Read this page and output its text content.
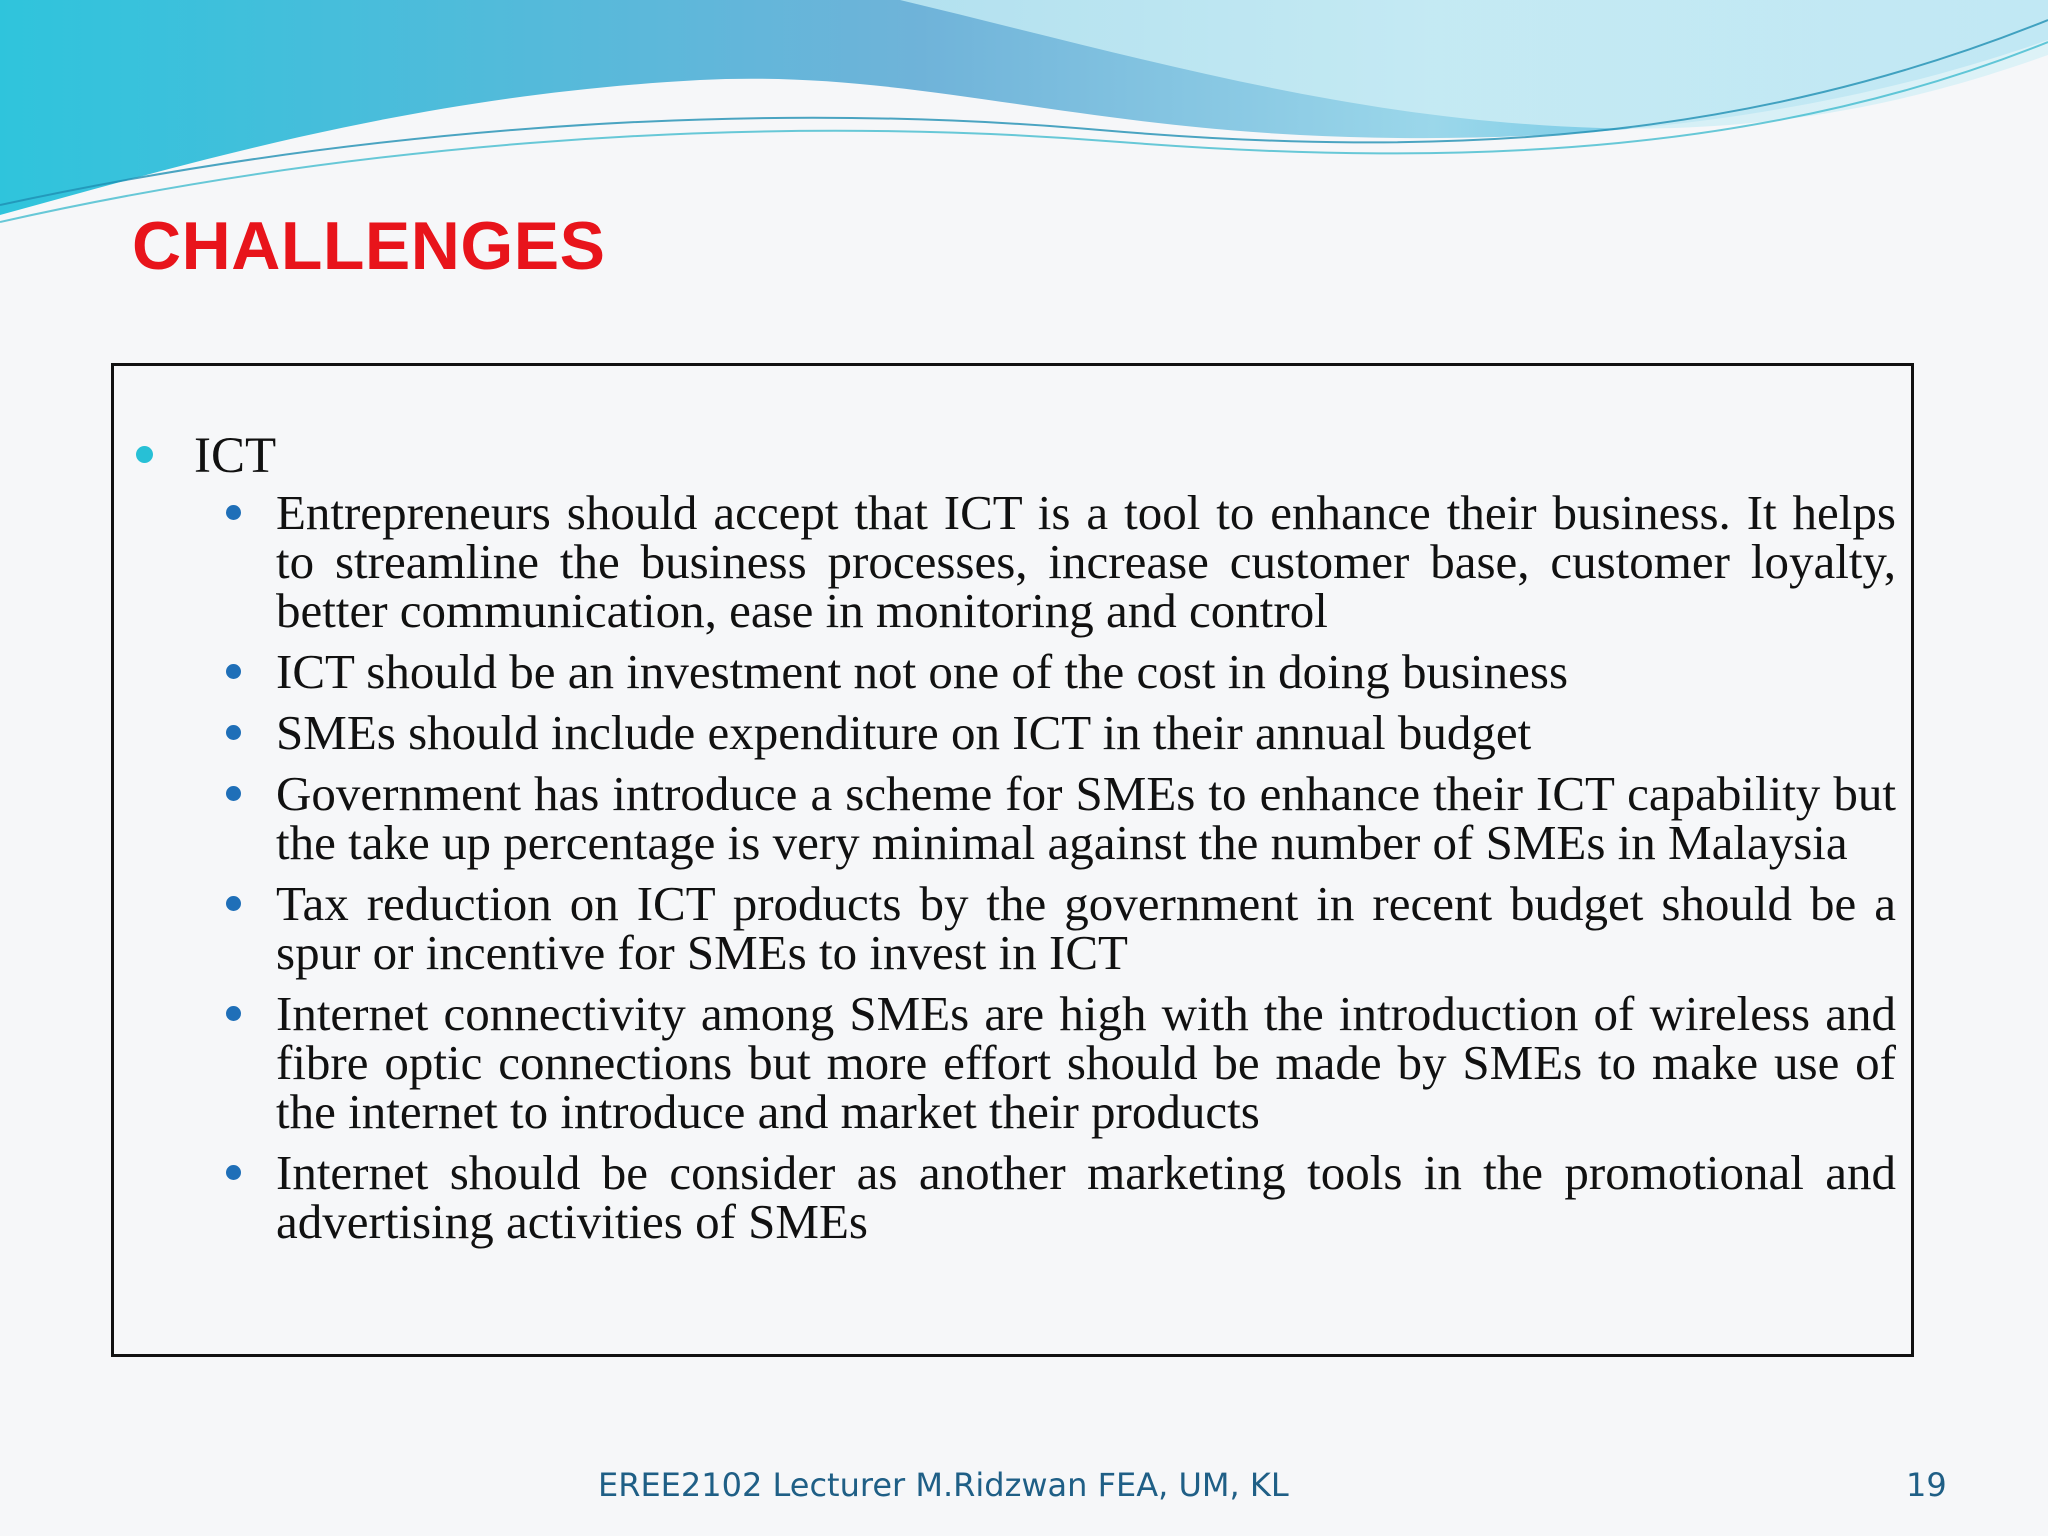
CHALLENGES
ICT
Entrepreneurs should accept that ICT is a tool to enhance their business. It helps to streamline the business processes, increase customer base, customer loyalty, better communication, ease in monitoring and control
ICT should be an investment not one of the cost in doing business
SMEs should include expenditure on ICT in their annual budget
Government has introduce a scheme for SMEs to enhance their ICT capability but the take up percentage is very minimal against the number of SMEs in Malaysia
Tax reduction on ICT products by the government in recent budget should be a spur or incentive for SMEs to invest in ICT
Internet connectivity among SMEs are high with the introduction of wireless and fibre optic connections but more effort should be made by SMEs to make use of the internet to introduce and market their products
Internet should be consider as another marketing tools in the promotional and advertising activities of SMEs
EREE2102 Lecturer M.Ridzwan FEA, UM, KL	19
